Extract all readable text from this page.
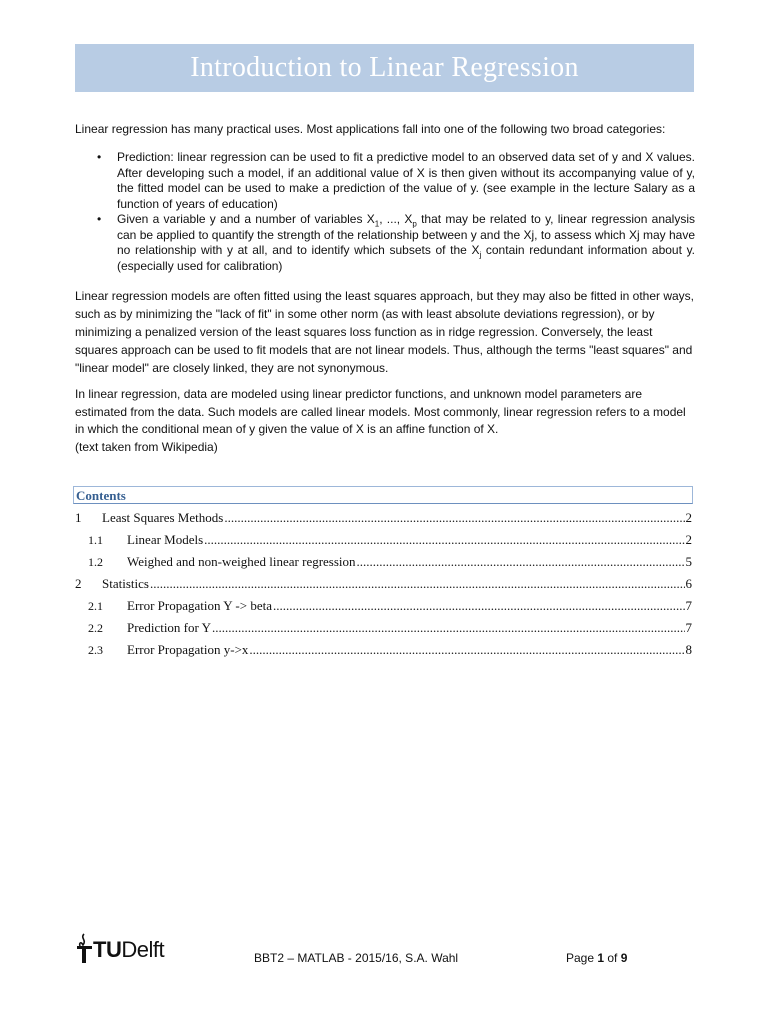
Introduction to Linear Regression
Linear regression has many practical uses. Most applications fall into one of the following two broad categories:
• Prediction: linear regression can be used to fit a predictive model to an observed data set of y and X values. After developing such a model, if an additional value of X is then given without its accompanying value of y, the fitted model can be used to make a prediction of the value of y. (see example in the lecture Salary as a function of years of education)
• Given a variable y and a number of variables $X_1$, ..., $X_p$ that may be related to y, linear regression analysis can be applied to quantify the strength of the relationship between y and the Xj, to assess which Xj may have no relationship with y at all, and to identify which subsets of the $X_j$ contain redundant information about y. (especially used for calibration)
Linear regression models are often fitted using the least squares approach, but they may also be fitted in other ways, such as by minimizing the "lack of fit" in some other norm (as with least absolute deviations regression), or by minimizing a penalized version of the least squares loss function as in ridge regression. Conversely, the least squares approach can be used to fit models that are not linear models. Thus, although the terms "least squares" and "linear model" are closely linked, they are not synonymous.
In linear regression, data are modeled using linear predictor functions, and unknown model parameters are estimated from the data. Such models are called linear models. Most commonly, linear regression refers to a model in which the conditional mean of y given the value of X is an affine function of X.
(text taken from Wikipedia)
Contents
1	Least Squares Methods .....	2
1.1	Linear Models .....	2
1.2	Weighed and non-weighed linear regression .....	5
2	Statistics .....	6
2.1	Error Propagation Y -> beta .....	7
2.2	Prediction for Y .....	7
2.3	Error Propagation y->x .....	8
TUDelft	BBT2 – MATLAB - 2015/16, S.A. Wahl	Page 1 of 9
